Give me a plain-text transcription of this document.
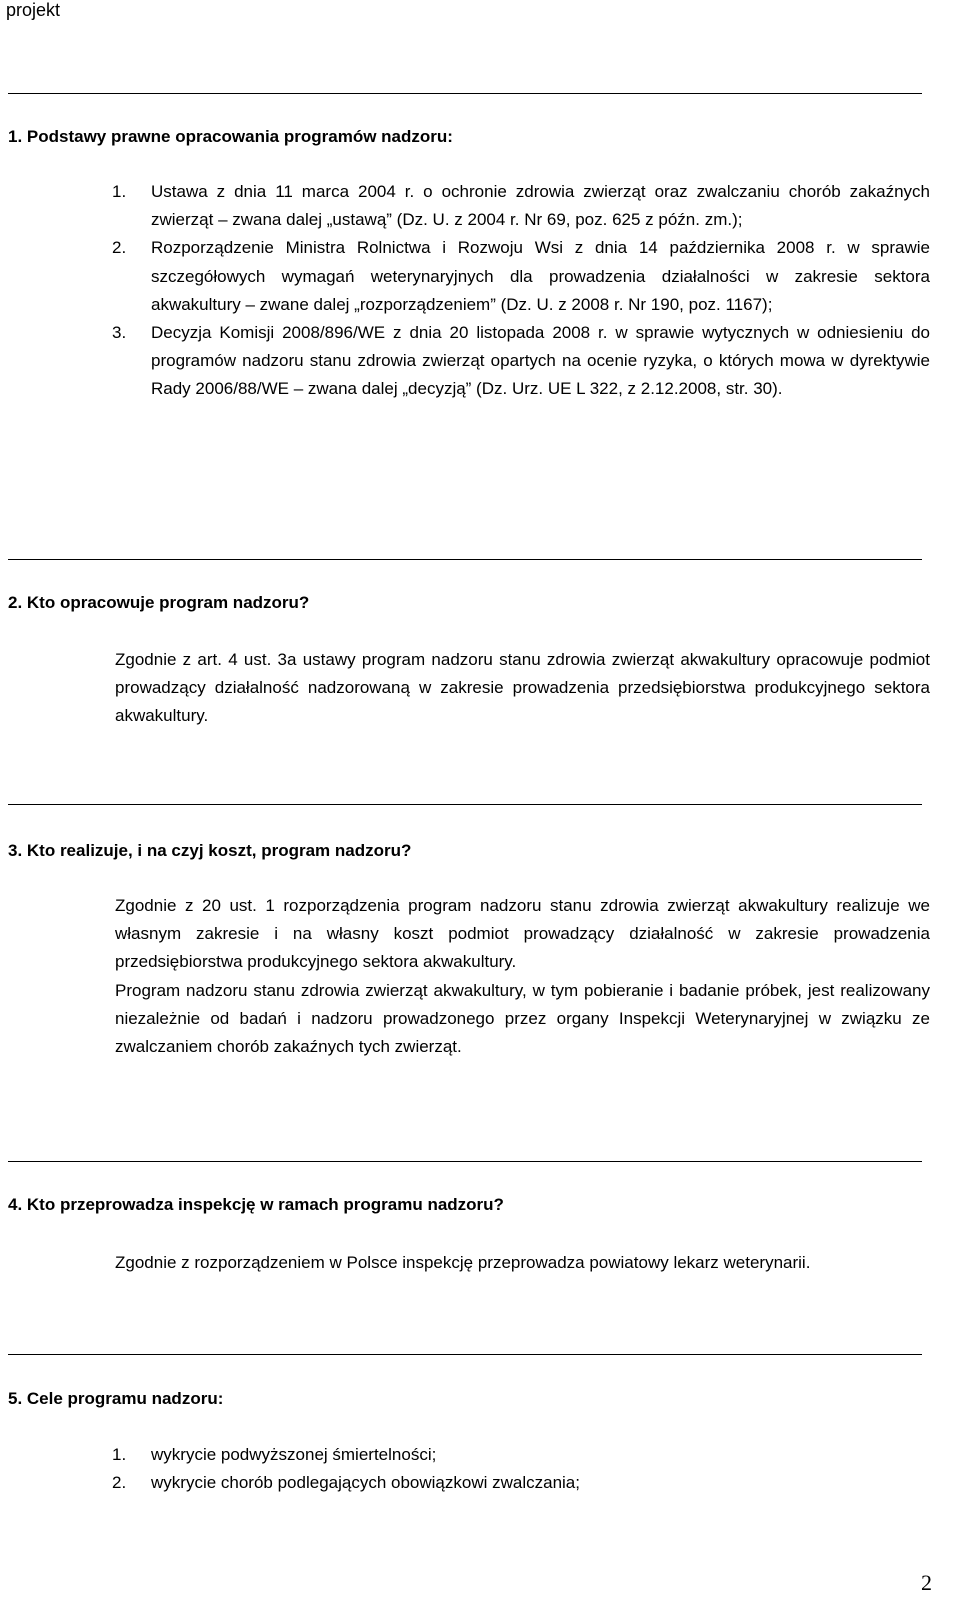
projekt
1. Podstawy prawne opracowania programów nadzoru:
1. Ustawa z dnia 11 marca 2004 r. o ochronie zdrowia zwierząt oraz zwalczaniu chorób zakaźnych zwierząt – zwana dalej „ustawą” (Dz. U. z 2004 r. Nr 69, poz. 625 z późn. zm.);
2. Rozporządzenie Ministra Rolnictwa i Rozwoju Wsi z dnia 14 października 2008 r. w sprawie szczegółowych wymagań weterynaryjnych dla prowadzenia działalności w zakresie sektora akwakultury – zwane dalej „rozporządzeniem” (Dz. U. z 2008 r. Nr 190, poz. 1167);
3. Decyzja Komisji 2008/896/WE z dnia 20 listopada 2008 r. w sprawie wytycznych w odniesieniu do programów nadzoru stanu zdrowia zwierząt opartych na ocenie ryzyka, o których mowa w dyrektywie Rady 2006/88/WE – zwana dalej „decyzją” (Dz. Urz. UE L 322, z 2.12.2008, str. 30).
2. Kto opracowuje program nadzoru?

Zgodnie z art. 4 ust. 3a ustawy program nadzoru stanu zdrowia zwierząt akwakultury opracowuje podmiot prowadzący działalność nadzorowaną w zakresie prowadzenia przedsiębiorstwa produkcyjnego sektora akwakultury.

3. Kto realizuje, i na czyj koszt, program nadzoru?

Zgodnie z 20 ust. 1 rozporządzenia program nadzoru stanu zdrowia zwierząt akwakultury realizuje we własnym zakresie i na własny koszt podmiot prowadzący działalność w zakresie prowadzenia przedsiębiorstwa produkcyjnego sektora akwakultury.

Program nadzoru stanu zdrowia zwierząt akwakultury, w tym pobieranie i badanie próbek, jest realizowany niezależnie od badań i nadzoru prowadzonego przez organy Inspekcji Weterynaryjnej w związku ze zwalczaniem chorób zakaźnych tych zwierząt.

4. Kto przeprowadza inspekcję w ramach programu nadzoru?

Zgodnie z rozporządzeniem w Polsce inspekcję przeprowadza powiatowy lekarz weterynarii.

5. Cele programu nadzoru:
1. wykrycie podwyższonej śmiertelności;
2. wykrycie chorób podlegających obowiązkowi zwalczania;
2
